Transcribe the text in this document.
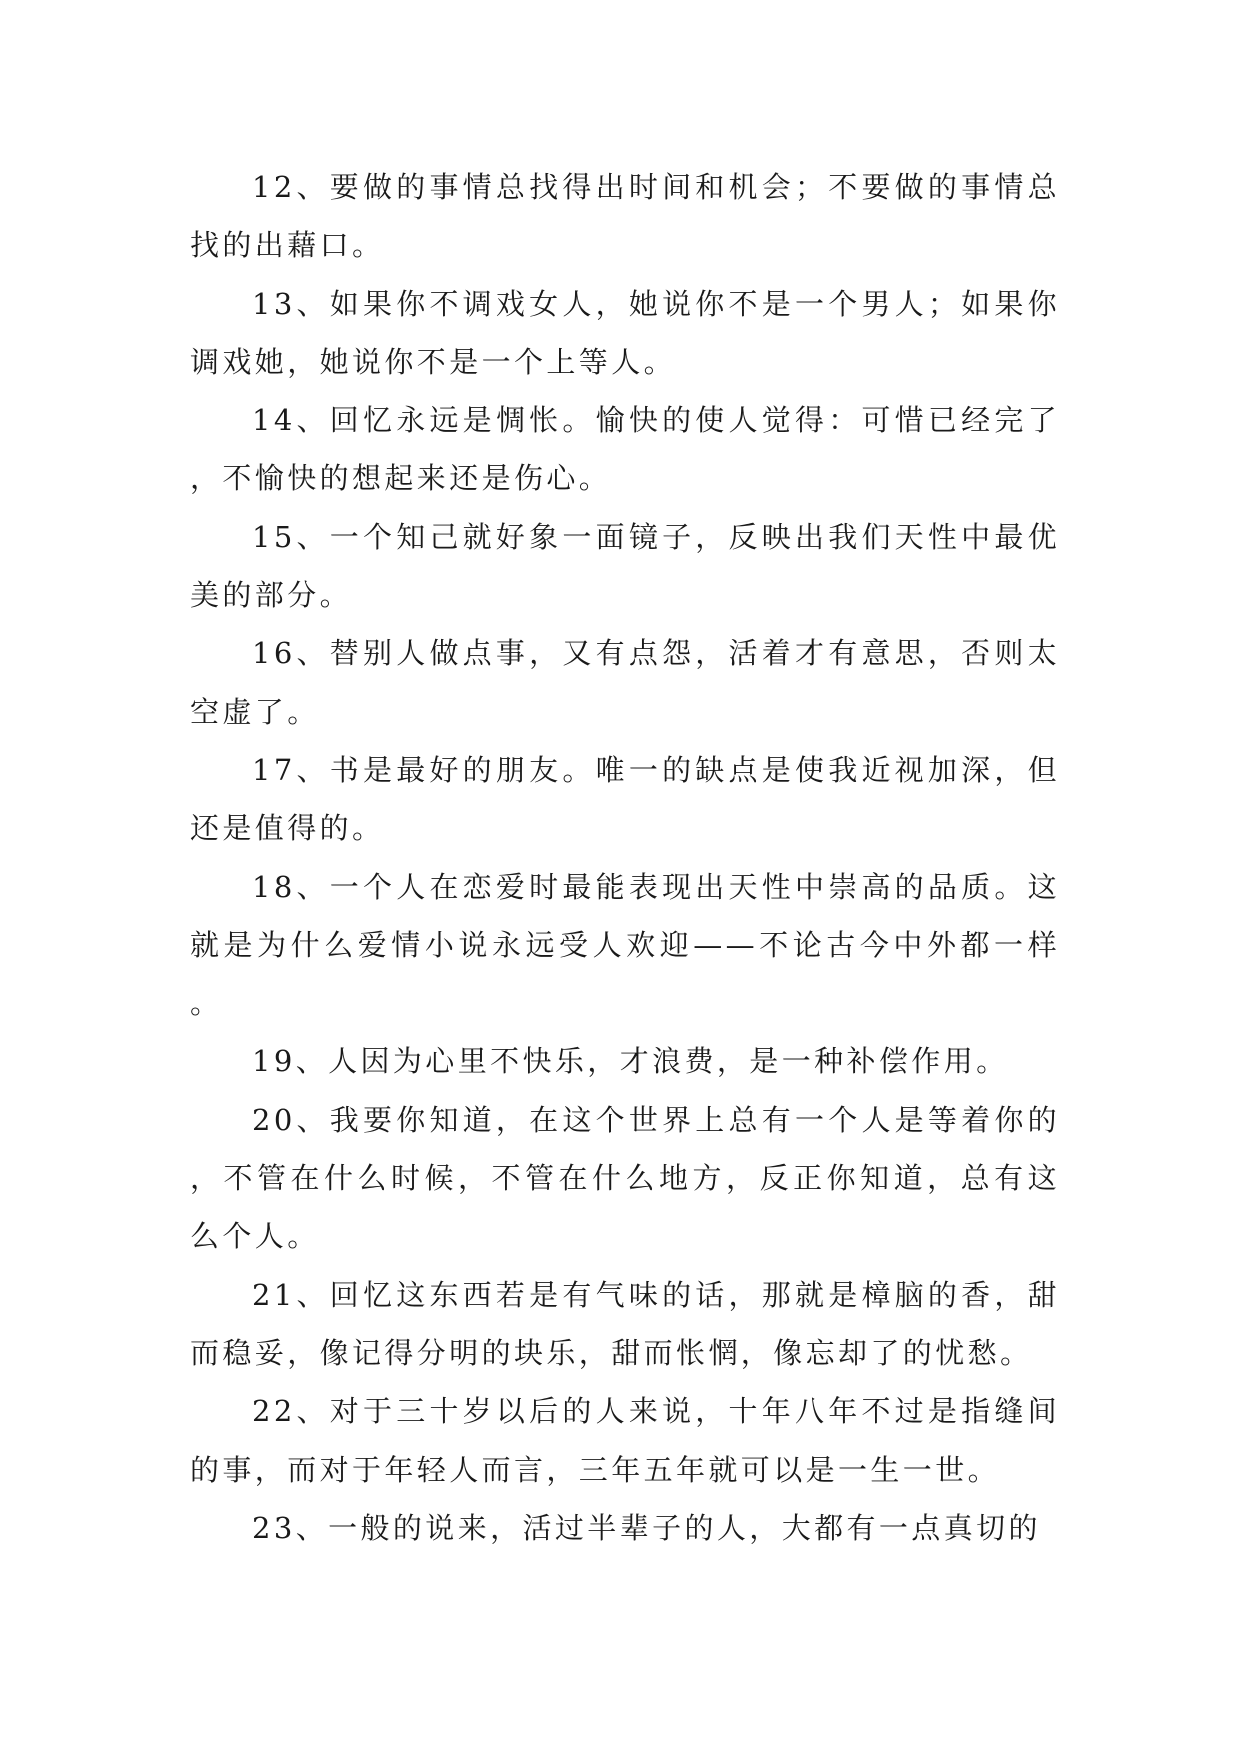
12、要做的事情总找得出时间和机会；不要做的事情总找的出藉口。

13、如果你不调戏女人，她说你不是一个男人；如果你调戏她，她说你不是一个上等人。

14、回忆永远是惆怅。愉快的使人觉得：可惜已经完了，不愉快的想起来还是伤心。

15、一个知己就好象一面镜子，反映出我们天性中最优美的部分。

16、替别人做点事，又有点怨，活着才有意思，否则太空虚了。

17、书是最好的朋友。唯一的缺点是使我近视加深，但还是值得的。

18、一个人在恋爱时最能表现出天性中崇高的品质。这就是为什么爱情小说永远受人欢迎——不论古今中外都一样。

19、人因为心里不快乐，才浪费，是一种补偿作用。

20、我要你知道，在这个世界上总有一个人是等着你的，不管在什么时候，不管在什么地方，反正你知道，总有这么个人。

21、回忆这东西若是有气味的话，那就是樟脑的香，甜而稳妥，像记得分明的块乐，甜而怅惘，像忘却了的忧愁。

22、对于三十岁以后的人来说，十年八年不过是指缝间的事，而对于年轻人而言，三年五年就可以是一生一世。

23、一般的说来，活过半辈子的人，大都有一点真切的
